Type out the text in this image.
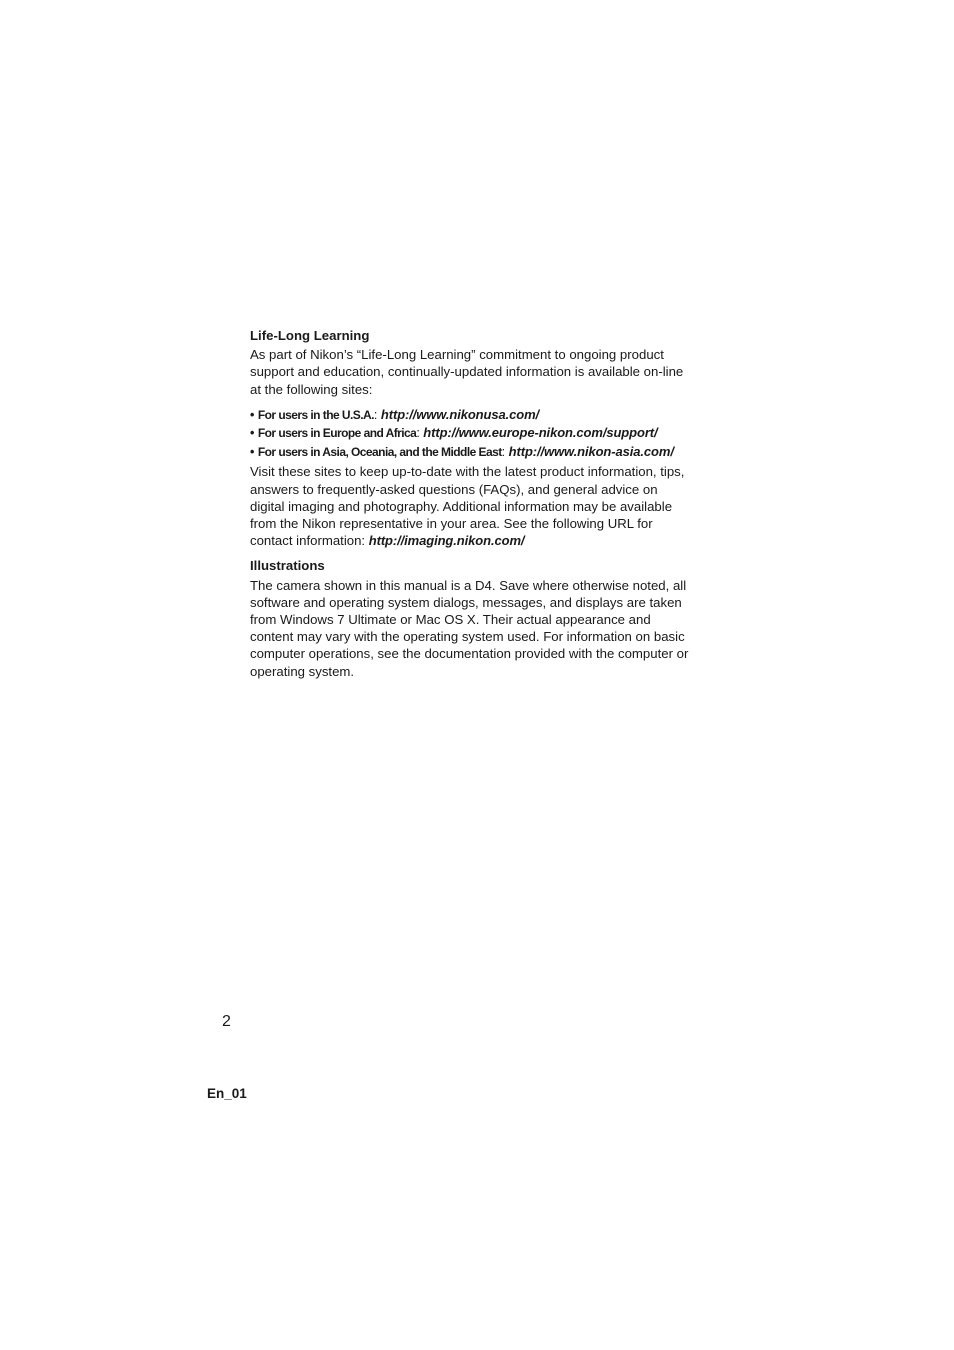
Life-Long Learning

As part of Nikon’s “Life-Long Learning” commitment to ongoing product support and education, continually-updated information is available on-line at the following sites:

• For users in the U.S.A.: http://www.nikonusa.com/
• For users in Europe and Africa: http://www.europe-nikon.com/support/
• For users in Asia, Oceania, and the Middle East: http://www.nikon-asia.com/

Visit these sites to keep up-to-date with the latest product information, tips, answers to frequently-asked questions (FAQs), and general advice on digital imaging and photography. Additional information may be available from the Nikon representative in your area. See the following URL for contact information: http://imaging.nikon.com/

Illustrations

The camera shown in this manual is a D4. Save where otherwise noted, all software and operating system dialogs, messages, and displays are taken from Windows 7 Ultimate or Mac OS X. Their actual appearance and content may vary with the operating system used. For information on basic computer operations, see the documentation provided with the computer or operating system.

2
En_01
